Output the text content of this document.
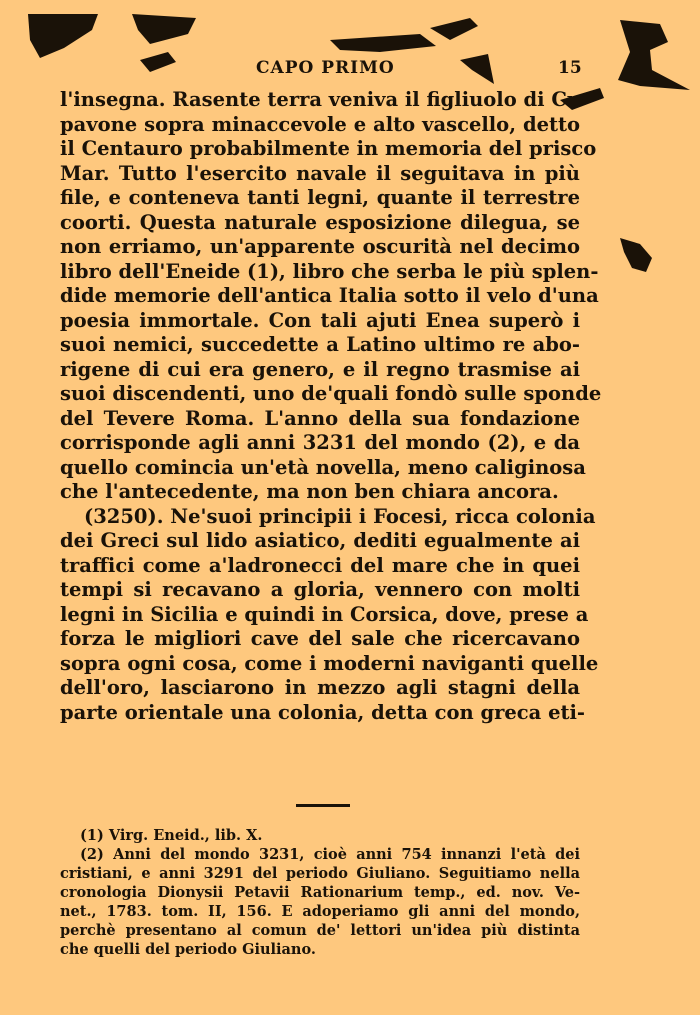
CAPO PRIMO	15
l'insegna. Rasente terra veniva il figliuolo di Cu-
pavone sopra minaccevole e alto vascello, detto
il Centauro probabilmente in memoria del prisco
Mar. Tutto l'esercito navale il seguitava in più
file, e conteneva tanti legni, quante il terrestre
coorti. Questa naturale esposizione dilegua, se
non erriamo, un'apparente oscurità nel decimo
libro dell'Eneide (1), libro che serba le più splen-
dide memorie dell'antica Italia sotto il velo d'una
poesia immortale. Con tali ajuti Enea superò i
suoi nemici, succedette a Latino ultimo re abo-
rigene di cui era genero, e il regno trasmise ai
suoi discendenti, uno de'quali fondò sulle sponde
del Tevere Roma. L'anno della sua fondazione
corrisponde agli anni 3231 del mondo (2), e da
quello comincia un'età novella, meno caliginosa
che l'antecedente, ma non ben chiara ancora.
(3250). Ne'suoi principii i Focesi, ricca colonia
dei Greci sul lido asiatico, dediti egualmente ai
traffici come a'ladronecci del mare che in quei
tempi si recavano a gloria, vennero con molti
legni in Sicilia e quindi in Corsica, dove, prese a
forza le migliori cave del sale che ricercavano
sopra ogni cosa, come i moderni naviganti quelle
dell'oro, lasciarono in mezzo agli stagni della
parte orientale una colonia, detta con greca eti-
(1) Virg. Eneid., lib. X.
(2) Anni del mondo 3231, cioè anni 754 innanzi l'età dei
cristiani, e anni 3291 del periodo Giuliano. Seguitiamo nella
cronologia Dionysii Petavii Rationarium temp., ed. nov. Ve-
net., 1783. tom. II, 156. E adoperiamo gli anni del mondo,
perchè presentano al comun de' lettori un'idea più distinta
che quelli del periodo Giuliano.
